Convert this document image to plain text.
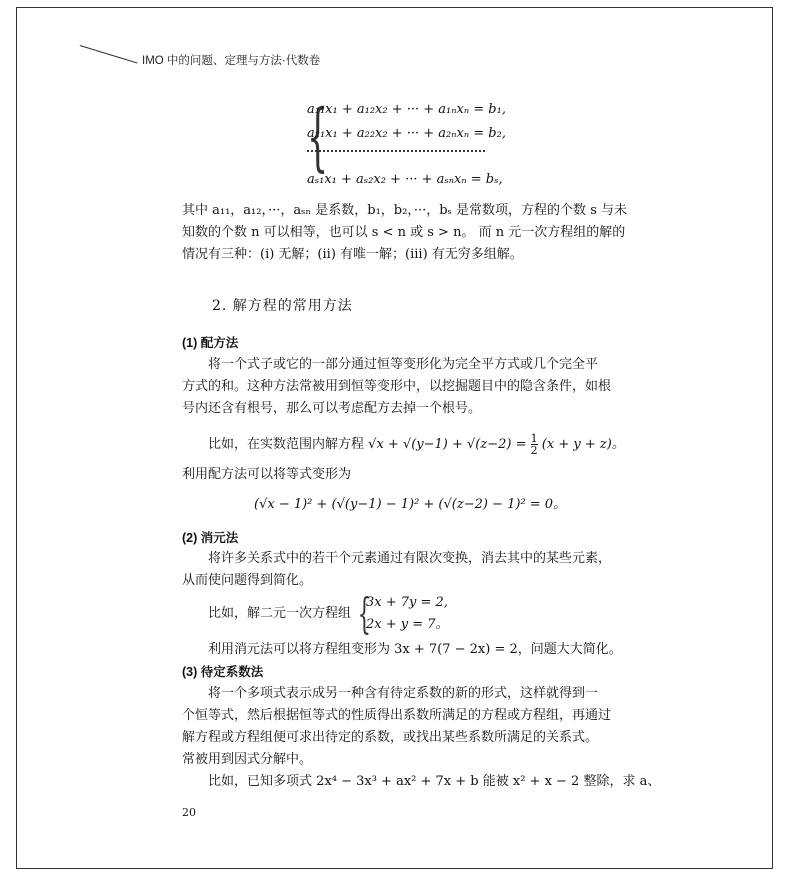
IMO 中的问题、定理与方法·代数卷
{
a₁₁x₁ + a₁₂x₂ + ··· + a₁ₙxₙ = b₁,
a₂₁x₁ + a₂₂x₂ + ··· + a₂ₙxₙ = b₂,
aₛ₁x₁ + aₛ₂x₂ + ··· + aₛₙxₙ = bₛ,
其中 a₁₁，a₁₂，···，aₛₙ 是系数，b₁，b₂，···，bₛ 是常数项，方程的个数 s 与未
知数的个数 n 可以相等，也可以 s < n 或 s > n。 而 n 元一次方程组的解的
情况有三种：(i) 无解；(ii) 有唯一解；(iii) 有无穷多组解。
2. 解方程的常用方法
(1) 配方法
将一个式子或它的一部分通过恒等变形化为完全平方式或几个完全平
方式的和。这种方法常被用到恒等变形中，以挖掘题目中的隐含条件，如根
号内还含有根号，那么可以考虑配方去掉一个根号。
比如，在实数范围内解方程 $√x + √(y-1) + √(z-2) = \frac{1}{2} (x + y + z)$。
利用配方法可以将等式变形为
(√x − 1)² + (√(y−1) − 1)² + (√(z−2) − 1)² = 0。
(2) 消元法
将许多关系式中的若干个元素通过有限次变换，消去其中的某些元素，
从而使问题得到简化。
比如，解二元一次方程组 {
3x + 7y = 2,
2x + y = 7。
利用消元法可以将方程组变形为 3x + 7(7 − 2x) = 2，问题大大简化。
(3) 待定系数法
将一个多项式表示成另一种含有待定系数的新的形式，这样就得到一
个恒等式，然后根据恒等式的性质得出系数所满足的方程或方程组，再通过
解方程或方程组便可求出待定的系数，或找出某些系数所满足的关系式。
常被用到因式分解中。
比如，已知多项式 2x⁴ − 3x³ + ax² + 7x + b 能被 x² + x − 2 整除，求 a、
20
